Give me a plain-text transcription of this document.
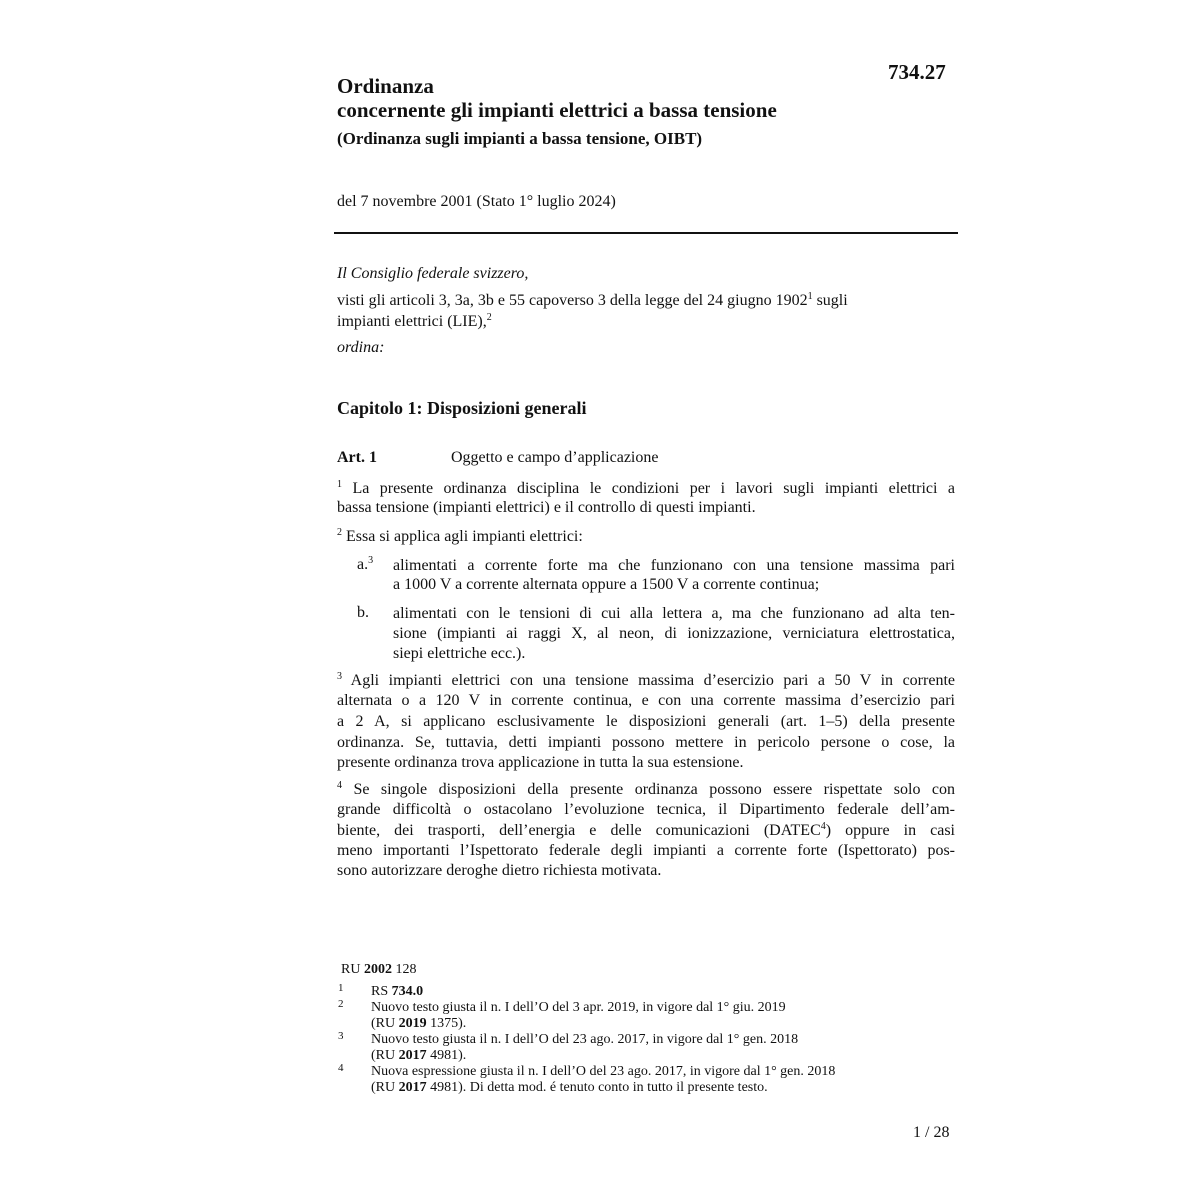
734.27
Ordinanza
concernente gli impianti elettrici a bassa tensione
(Ordinanza sugli impianti a bassa tensione, OIBT)
del 7 novembre 2001 (Stato 1° luglio 2024)
Il Consiglio federale svizzero,
visti gli articoli 3, 3a, 3b e 55 capoverso 3 della legge del 24 giugno 1902$^1$ sugli
impianti elettrici (LIE),$^2$
ordina:
Capitolo 1: Disposizioni generali
Art. 1	Oggetto e campo d’applicazione
$^1$ La presente ordinanza disciplina le condizioni per i lavori sugli impianti elettrici a
bassa tensione (impianti elettrici) e il controllo di questi impianti.
$^2$ Essa si applica agli impianti elettrici:
a.$^3$ alimentati a corrente forte ma che funzionano con una tensione massima pari
a 1000 V a corrente alternata oppure a 1500 V a corrente continua;
b. alimentati con le tensioni di cui alla lettera a, ma che funzionano ad alta ten-
sione (impianti ai raggi X, al neon, di ionizzazione, verniciatura elettrostatica,
siepi elettriche ecc.).
$^3$ Agli impianti elettrici con una tensione massima d’esercizio pari a 50 V in corrente
alternata o a 120 V in corrente continua, e con una corrente massima d’esercizio pari
a 2 A, si applicano esclusivamente le disposizioni generali (art. 1–5) della presente
ordinanza. Se, tuttavia, detti impianti possono mettere in pericolo persone o cose, la
presente ordinanza trova applicazione in tutta la sua estensione.
$^4$ Se singole disposizioni della presente ordinanza possono essere rispettate solo con
grande difficoltà o ostacolano l’evoluzione tecnica, il Dipartimento federale dell’am-
biente, dei trasporti, dell’energia e delle comunicazioni (DATEC$^4$) oppure in casi
meno importanti l’Ispettorato federale degli impianti a corrente forte (Ispettorato) pos-
sono autorizzare deroghe dietro richiesta motivata.
RU 2002 128
1 RS 734.0
2 Nuovo testo giusta il n. I dell’O del 3 apr. 2019, in vigore dal 1° giu. 2019
(RU 2019 1375).
3 Nuovo testo giusta il n. I dell’O del 23 ago. 2017, in vigore dal 1° gen. 2018
(RU 2017 4981).
4 Nuova espressione giusta il n. I dell’O del 23 ago. 2017, in vigore dal 1° gen. 2018
(RU 2017 4981). Di detta mod. é tenuto conto in tutto il presente testo.
1 / 28
